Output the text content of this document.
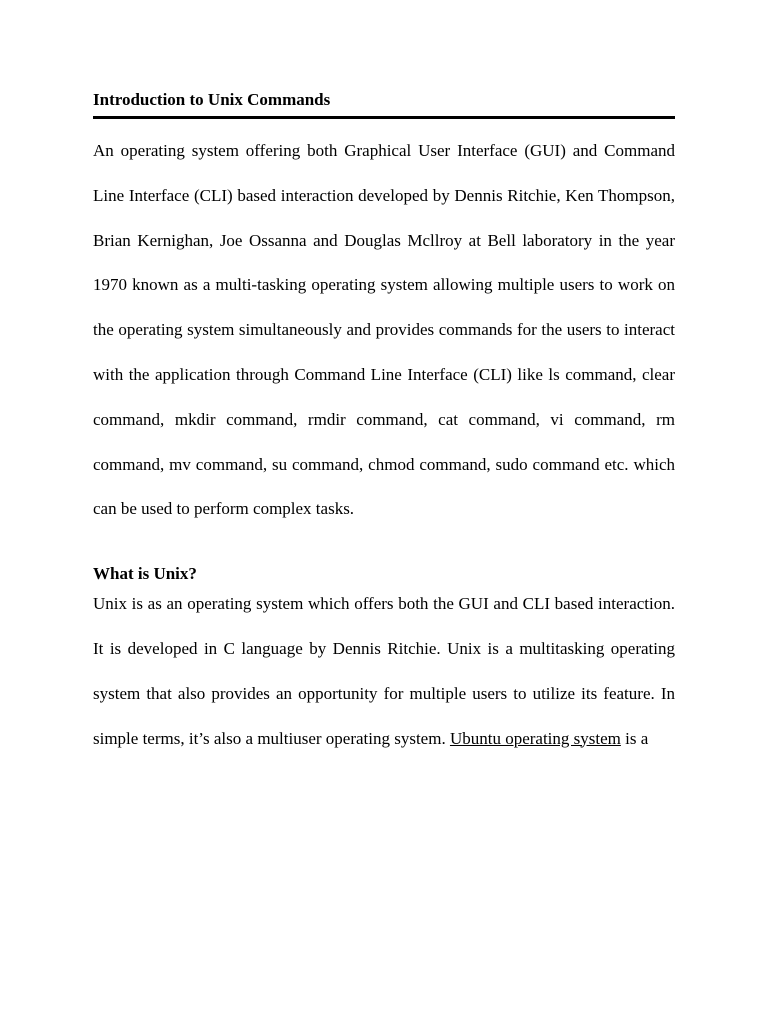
Introduction to Unix Commands

An operating system offering both Graphical User Interface (GUI) and Command Line Interface (CLI) based interaction developed by Dennis Ritchie, Ken Thompson, Brian Kernighan, Joe Ossanna and Douglas Mcllroy at Bell laboratory in the year 1970 known as a multi-tasking operating system allowing multiple users to work on the operating system simultaneously and provides commands for the users to interact with the application through Command Line Interface (CLI) like ls command, clear command, mkdir command, rmdir command, cat command, vi command, rm command, mv command, su command, chmod command, sudo command etc. which can be used to perform complex tasks.

What is Unix?

Unix is as an operating system which offers both the GUI and CLI based interaction. It is developed in C language by Dennis Ritchie. Unix is a multitasking operating system that also provides an opportunity for multiple users to utilize its feature. In simple terms, it’s also a multiuser operating system. Ubuntu operating system is a
